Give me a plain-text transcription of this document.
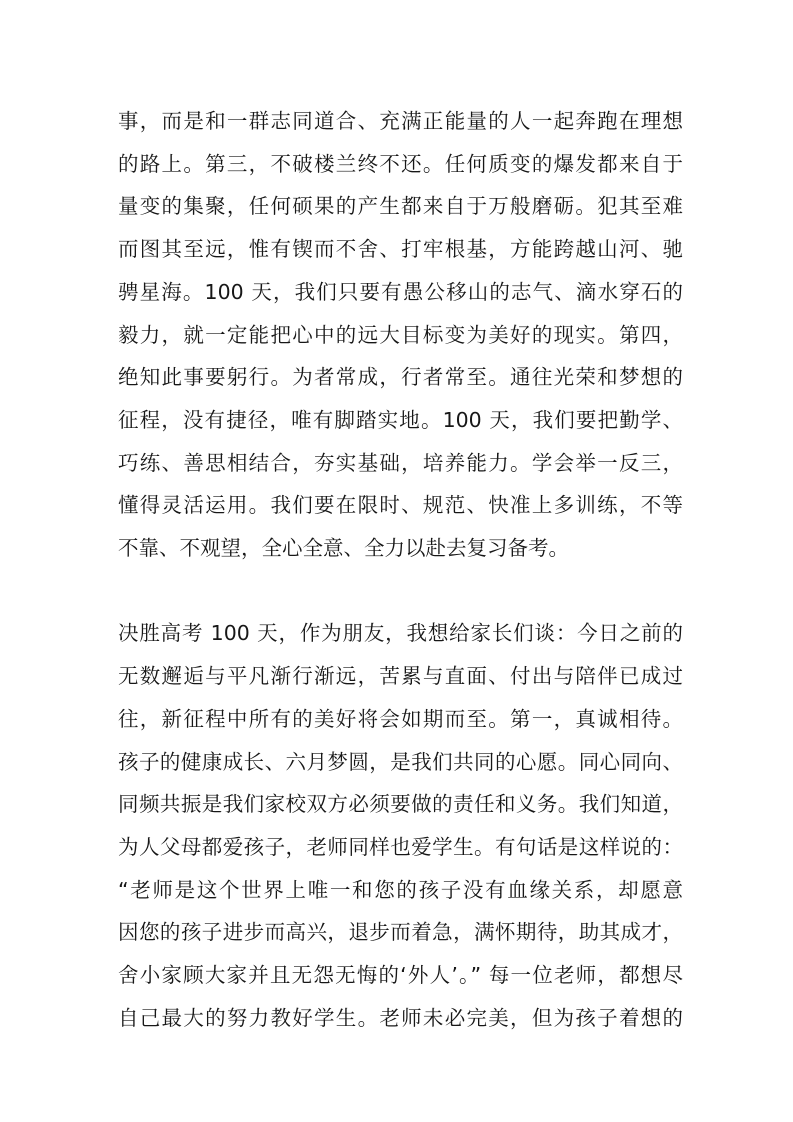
事，而是和一群志同道合、充满正能量的人一起奔跑在理想
的路上。第三，不破楼兰终不还。任何质变的爆发都来自于
量变的集聚，任何硕果的产生都来自于万般磨砺。犯其至难
而图其至远，惟有锲而不舍、打牢根基，方能跨越山河、驰
骋星海。100 天，我们只要有愚公移山的志气、滴水穿石的
毅力，就一定能把心中的远大目标变为美好的现实。第四，
绝知此事要躬行。为者常成，行者常至。通往光荣和梦想的
征程，没有捷径，唯有脚踏实地。100 天，我们要把勤学、
巧练、善思相结合，夯实基础，培养能力。学会举一反三，
懂得灵活运用。我们要在限时、规范、快准上多训练，不等
不靠、不观望，全心全意、全力以赴去复习备考。
决胜高考 100 天，作为朋友，我想给家长们谈：今日之前的
无数邂逅与平凡渐行渐远，苦累与直面、付出与陪伴已成过
往，新征程中所有的美好将会如期而至。第一，真诚相待。
孩子的健康成长、六月梦圆，是我们共同的心愿。同心同向、
同频共振是我们家校双方必须要做的责任和义务。我们知道，
为人父母都爱孩子，老师同样也爱学生。有句话是这样说的：
“老师是这个世界上唯一和您的孩子没有血缘关系，却愿意
因您的孩子进步而高兴，退步而着急，满怀期待，助其成才，
舍小家顾大家并且无怨无悔的‘外人’。” 每一位老师，都想尽
自己最大的努力教好学生。老师未必完美，但为孩子着想的
